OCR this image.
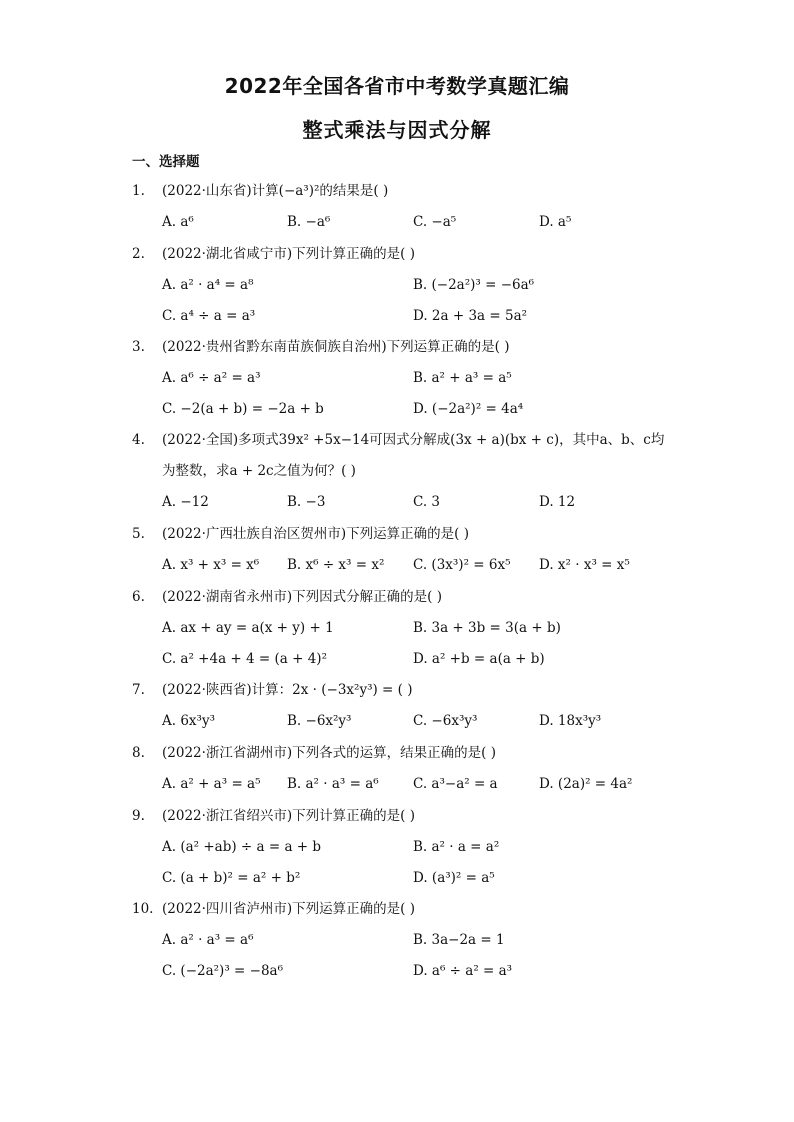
2022年全国各省市中考数学真题汇编
整式乘法与因式分解
一、选择题
1. (2022·山东省)计算(−a³)²的结果是( )
A. a⁶	B. −a⁶	C. −a⁵	D. a⁵
2. (2022·湖北省咸宁市)下列计算正确的是( )
A. a² · a⁴ = a⁸	B. (−2a²)³ = −6a⁶
C. a⁴ ÷ a = a³	D. 2a + 3a = 5a²
3. (2022·贵州省黔东南苗族侗族自治州)下列运算正确的是( )
A. a⁶ ÷ a² = a³	B. a² + a³ = a⁵
C. −2(a + b) = −2a + b	D. (−2a²)² = 4a⁴
4. (2022·全国)多项式39x² +5x−14可因式分解成(3x + a)(bx + c)，其中a、b、c均
为整数，求a + 2c之值为何？( )
A. −12	B. −3	C. 3	D. 12
5. (2022·广西壮族自治区贺州市)下列运算正确的是( )
A. x³ + x³ = x⁶ B. x⁶ ÷ x³ = x² C. (3x³)² = 6x⁵ D. x² · x³ = x⁵
6. (2022·湖南省永州市)下列因式分解正确的是( )
A. ax + ay = a(x + y) + 1	B. 3a + 3b = 3(a + b)
C. a² +4a + 4 = (a + 4)²	D. a² +b = a(a + b)
7. (2022·陕西省)计算：2x · (−3x²y³) = ( )
A. 6x³y³	B. −6x²y³	C. −6x³y³	D. 18x³y³
8. (2022·浙江省湖州市)下列各式的运算，结果正确的是( )
A. a² + a³ = a⁵ B. a² · a³ = a⁶	C. a³−a² = a	D. (2a)² = 4a²
9. (2022·浙江省绍兴市)下列计算正确的是( )
A. (a² +ab) ÷ a = a + b	B. a² · a = a²
C. (a + b)² = a² + b²	D. (a³)² = a⁵
10. (2022·四川省泸州市)下列运算正确的是( )
A. a² · a³ = a⁶	B. 3a−2a = 1
C. (−2a²)³ = −8a⁶	D. a⁶ ÷ a² = a³
